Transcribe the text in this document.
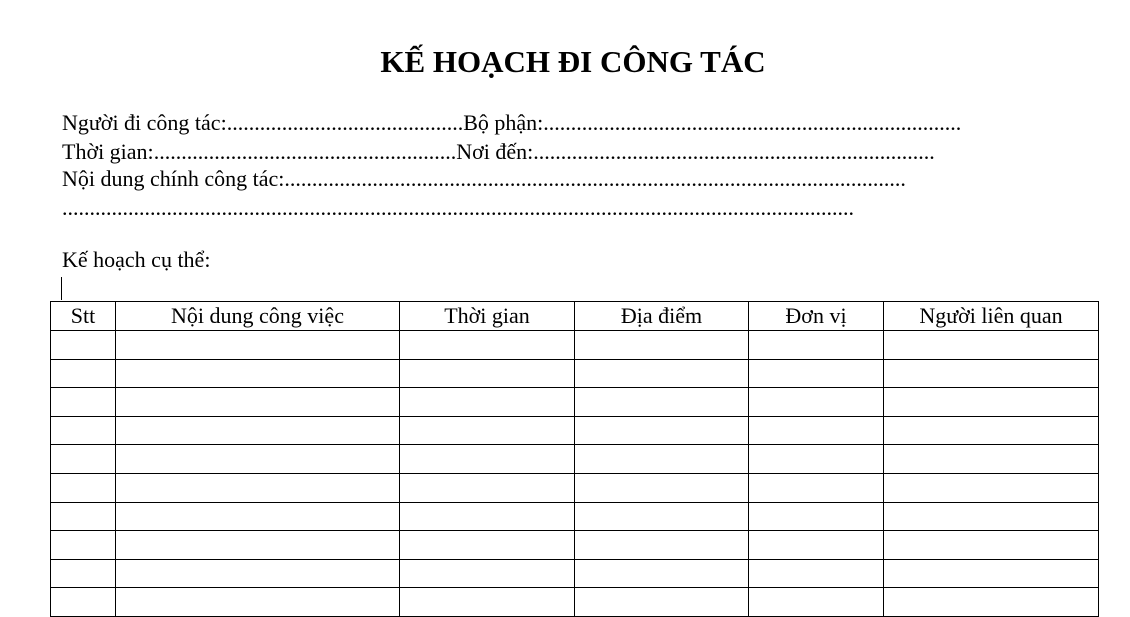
KẾ HOẠCH ĐI CÔNG TÁC
Người đi công tác:...........................................Bộ phận:............................................................................
Thời gian:.......................................................Nơi đến:.........................................................................
Nội dung chính công tác:.................................................................................................................
................................................................................................................................................
Kế hoạch cụ thể:
Stt	Nội dung công việc	Thời gian	Địa điểm	Đơn vị	Người liên quan
